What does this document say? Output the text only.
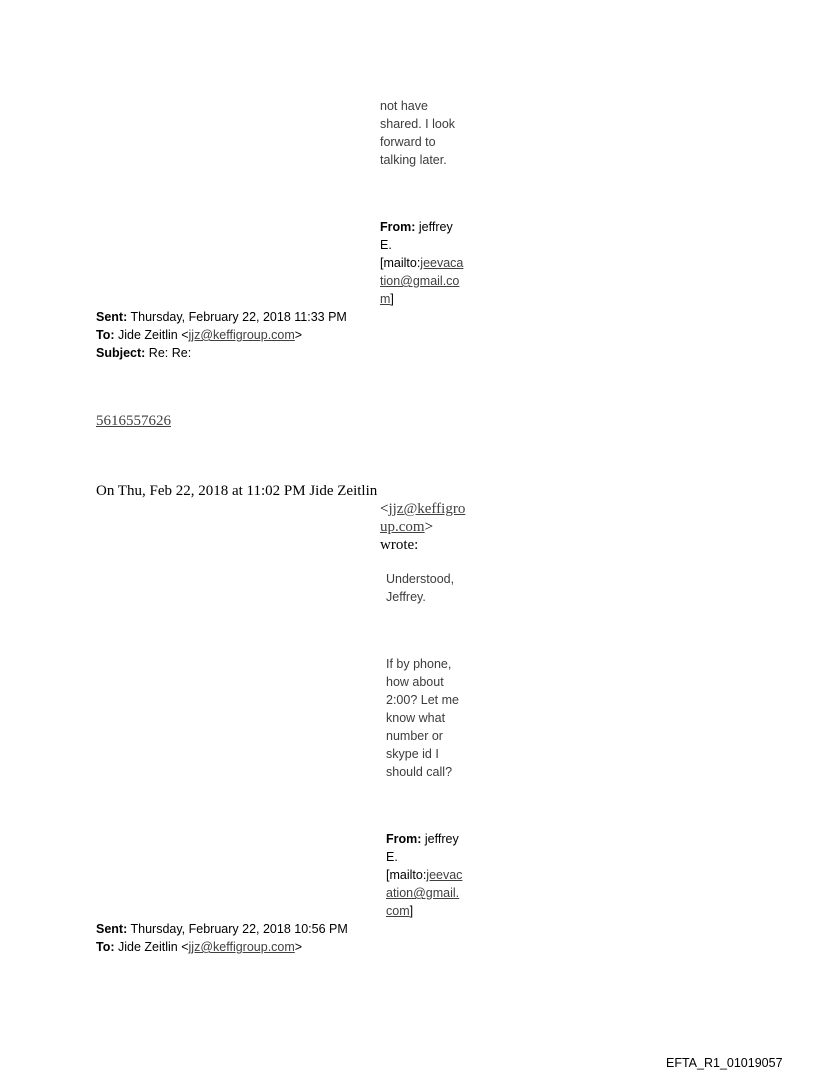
not have
shared. I look
forward to
talking later.
From: jeffrey
E.
[mailto:jeevaca
tion@gmail.co
m]
Sent: Thursday, February 22, 2018 11:33 PM
To: Jide Zeitlin <jjz@keffigroup.com>
Subject: Re: Re:
5616557626
On Thu, Feb 22, 2018 at 11:02 PM Jide Zeitlin
<jjz@keffigro
up.com>
wrote:
Understood,
Jeffrey.
If by phone,
how about
2:00? Let me
know what
number or
skype id I
should call?
From: jeffrey
E.
[mailto:jeevac
ation@gmail.
com]
Sent: Thursday, February 22, 2018 10:56 PM
To: Jide Zeitlin <jjz@keffigroup.com>
EFTA_R1_01019057
